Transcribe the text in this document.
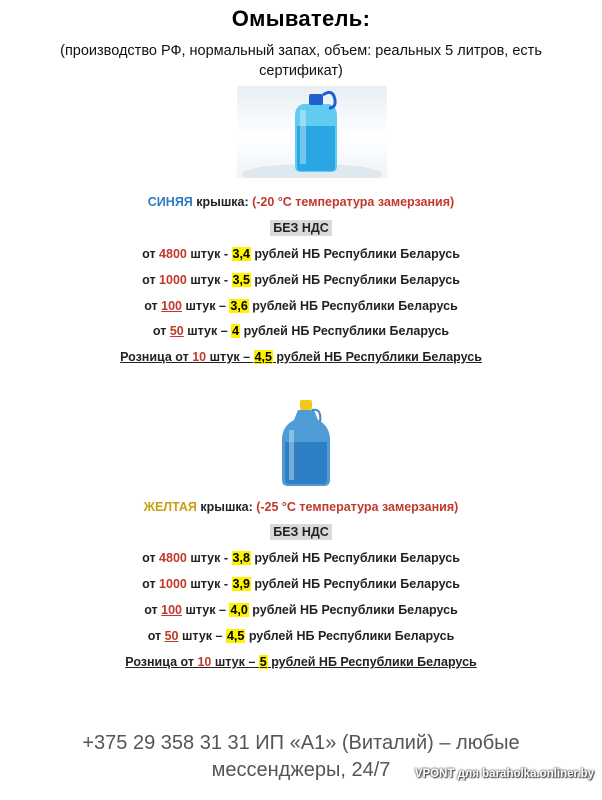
Омыватель:
(производство РФ, нормальный запах, объем: реальных 5 литров, есть сертификат)
СИНЯЯ крышка: (-20 °С температура замерзания)
БЕЗ НДС
от 4800 штук - 3,4 рублей НБ Республики Беларусь
от 1000 штук - 3,5 рублей НБ Республики Беларусь
от 100 штук – 3,6 рублей НБ Республики Беларусь
от 50 штук – 4 рублей НБ Республики Беларусь
Розница от 10 штук – 4,5 рублей НБ Республики Беларусь
ЖЕЛТАЯ крышка: (-25 °С температура замерзания)
БЕЗ НДС
от 4800 штук - 3,8 рублей НБ Республики Беларусь
от 1000 штук - 3,9 рублей НБ Республики Беларусь
от 100 штук – 4,0 рублей НБ Республики Беларусь
от 50 штук – 4,5 рублей НБ Республики Беларусь
Розница от 10 штук – 5 рублей НБ Республики Беларусь
+375 29 358 31 31 ИП «А1» (Виталий) – любые мессенджеры, 24/7	VPONT для baraholka.onliner.by
